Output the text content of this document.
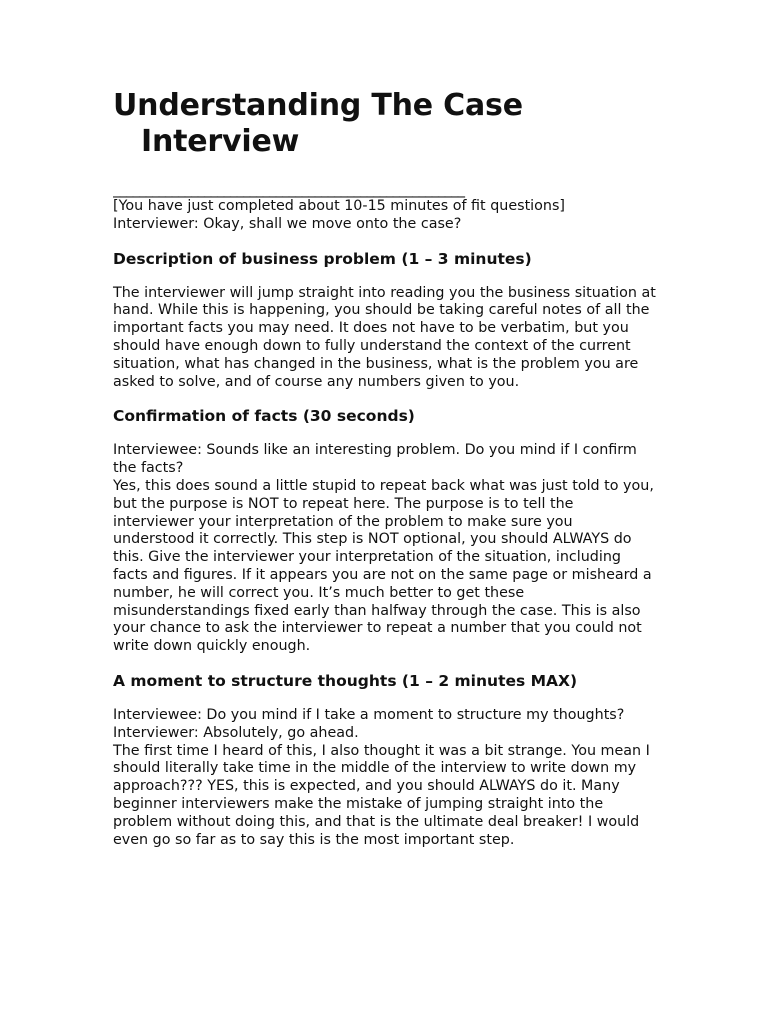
Understanding The Case
Interview
______________________________________________________

[You have just completed about 10-15 minutes of fit questions]

Interviewer: Okay, shall we move onto the case?

Description of business problem (1 – 3 minutes)

The interviewer will jump straight into reading you the business situation at hand. While this is happening, you should be taking careful notes of all the important facts you may need. It does not have to be verbatim, but you should have enough down to fully understand the context of the current situation, what has changed in the business, what is the problem you are asked to solve, and of course any numbers given to you.

Confirmation of facts (30 seconds)

Interviewee: Sounds like an interesting problem. Do you mind if I confirm the facts?

Yes, this does sound a little stupid to repeat back what was just told to you, but the purpose is NOT to repeat here. The purpose is to tell the interviewer your interpretation of the problem to make sure you understood it correctly. This step is NOT optional, you should ALWAYS do this. Give the interviewer your interpretation of the situation, including facts and figures. If it appears you are not on the same page or misheard a number, he will correct you. It’s much better to get these misunderstandings fixed early than halfway through the case. This is also your chance to ask the interviewer to repeat a number that you could not write down quickly enough.

A moment to structure thoughts (1 – 2 minutes MAX)

Interviewee: Do you mind if I take a moment to structure my thoughts?

Interviewer: Absolutely, go ahead.

The first time I heard of this, I also thought it was a bit strange. You mean I should literally take time in the middle of the interview to write down my approach??? YES, this is expected, and you should ALWAYS do it. Many beginner interviewers make the mistake of jumping straight into the problem without doing this, and that is the ultimate deal breaker! I would even go so far as to say this is the most important step.
